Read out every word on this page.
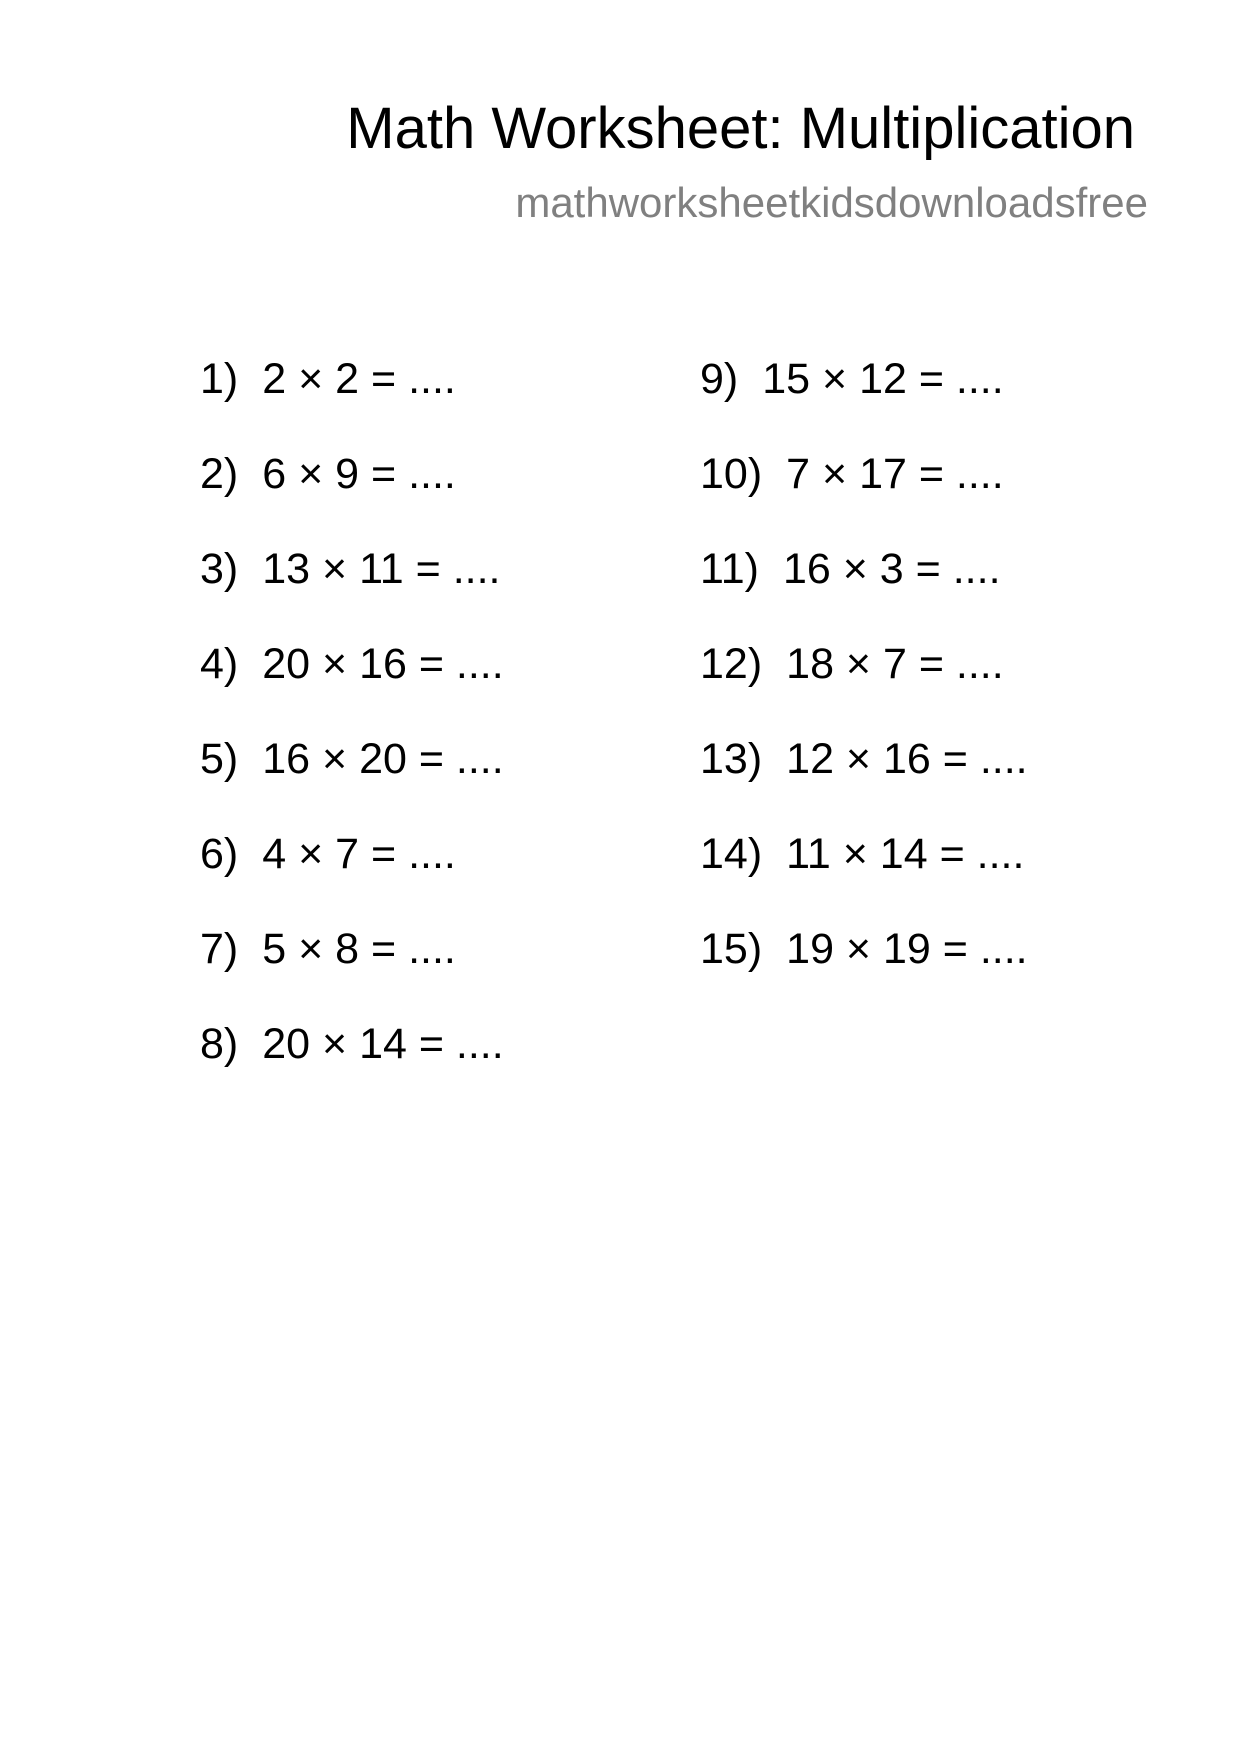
Math Worksheet: Multiplication
mathworksheetkidsdownloadsfree
1) 2 × 2 = ....
2) 6 × 9 = ....
3) 13 × 11 = ....
4) 20 × 16 = ....
5) 16 × 20 = ....
6) 4 × 7 = ....
7) 5 × 8 = ....
8) 20 × 14 = ....
9) 15 × 12 = ....
10) 7 × 17 = ....
11) 16 × 3 = ....
12) 18 × 7 = ....
13) 12 × 16 = ....
14) 11 × 14 = ....
15) 19 × 19 = ....
